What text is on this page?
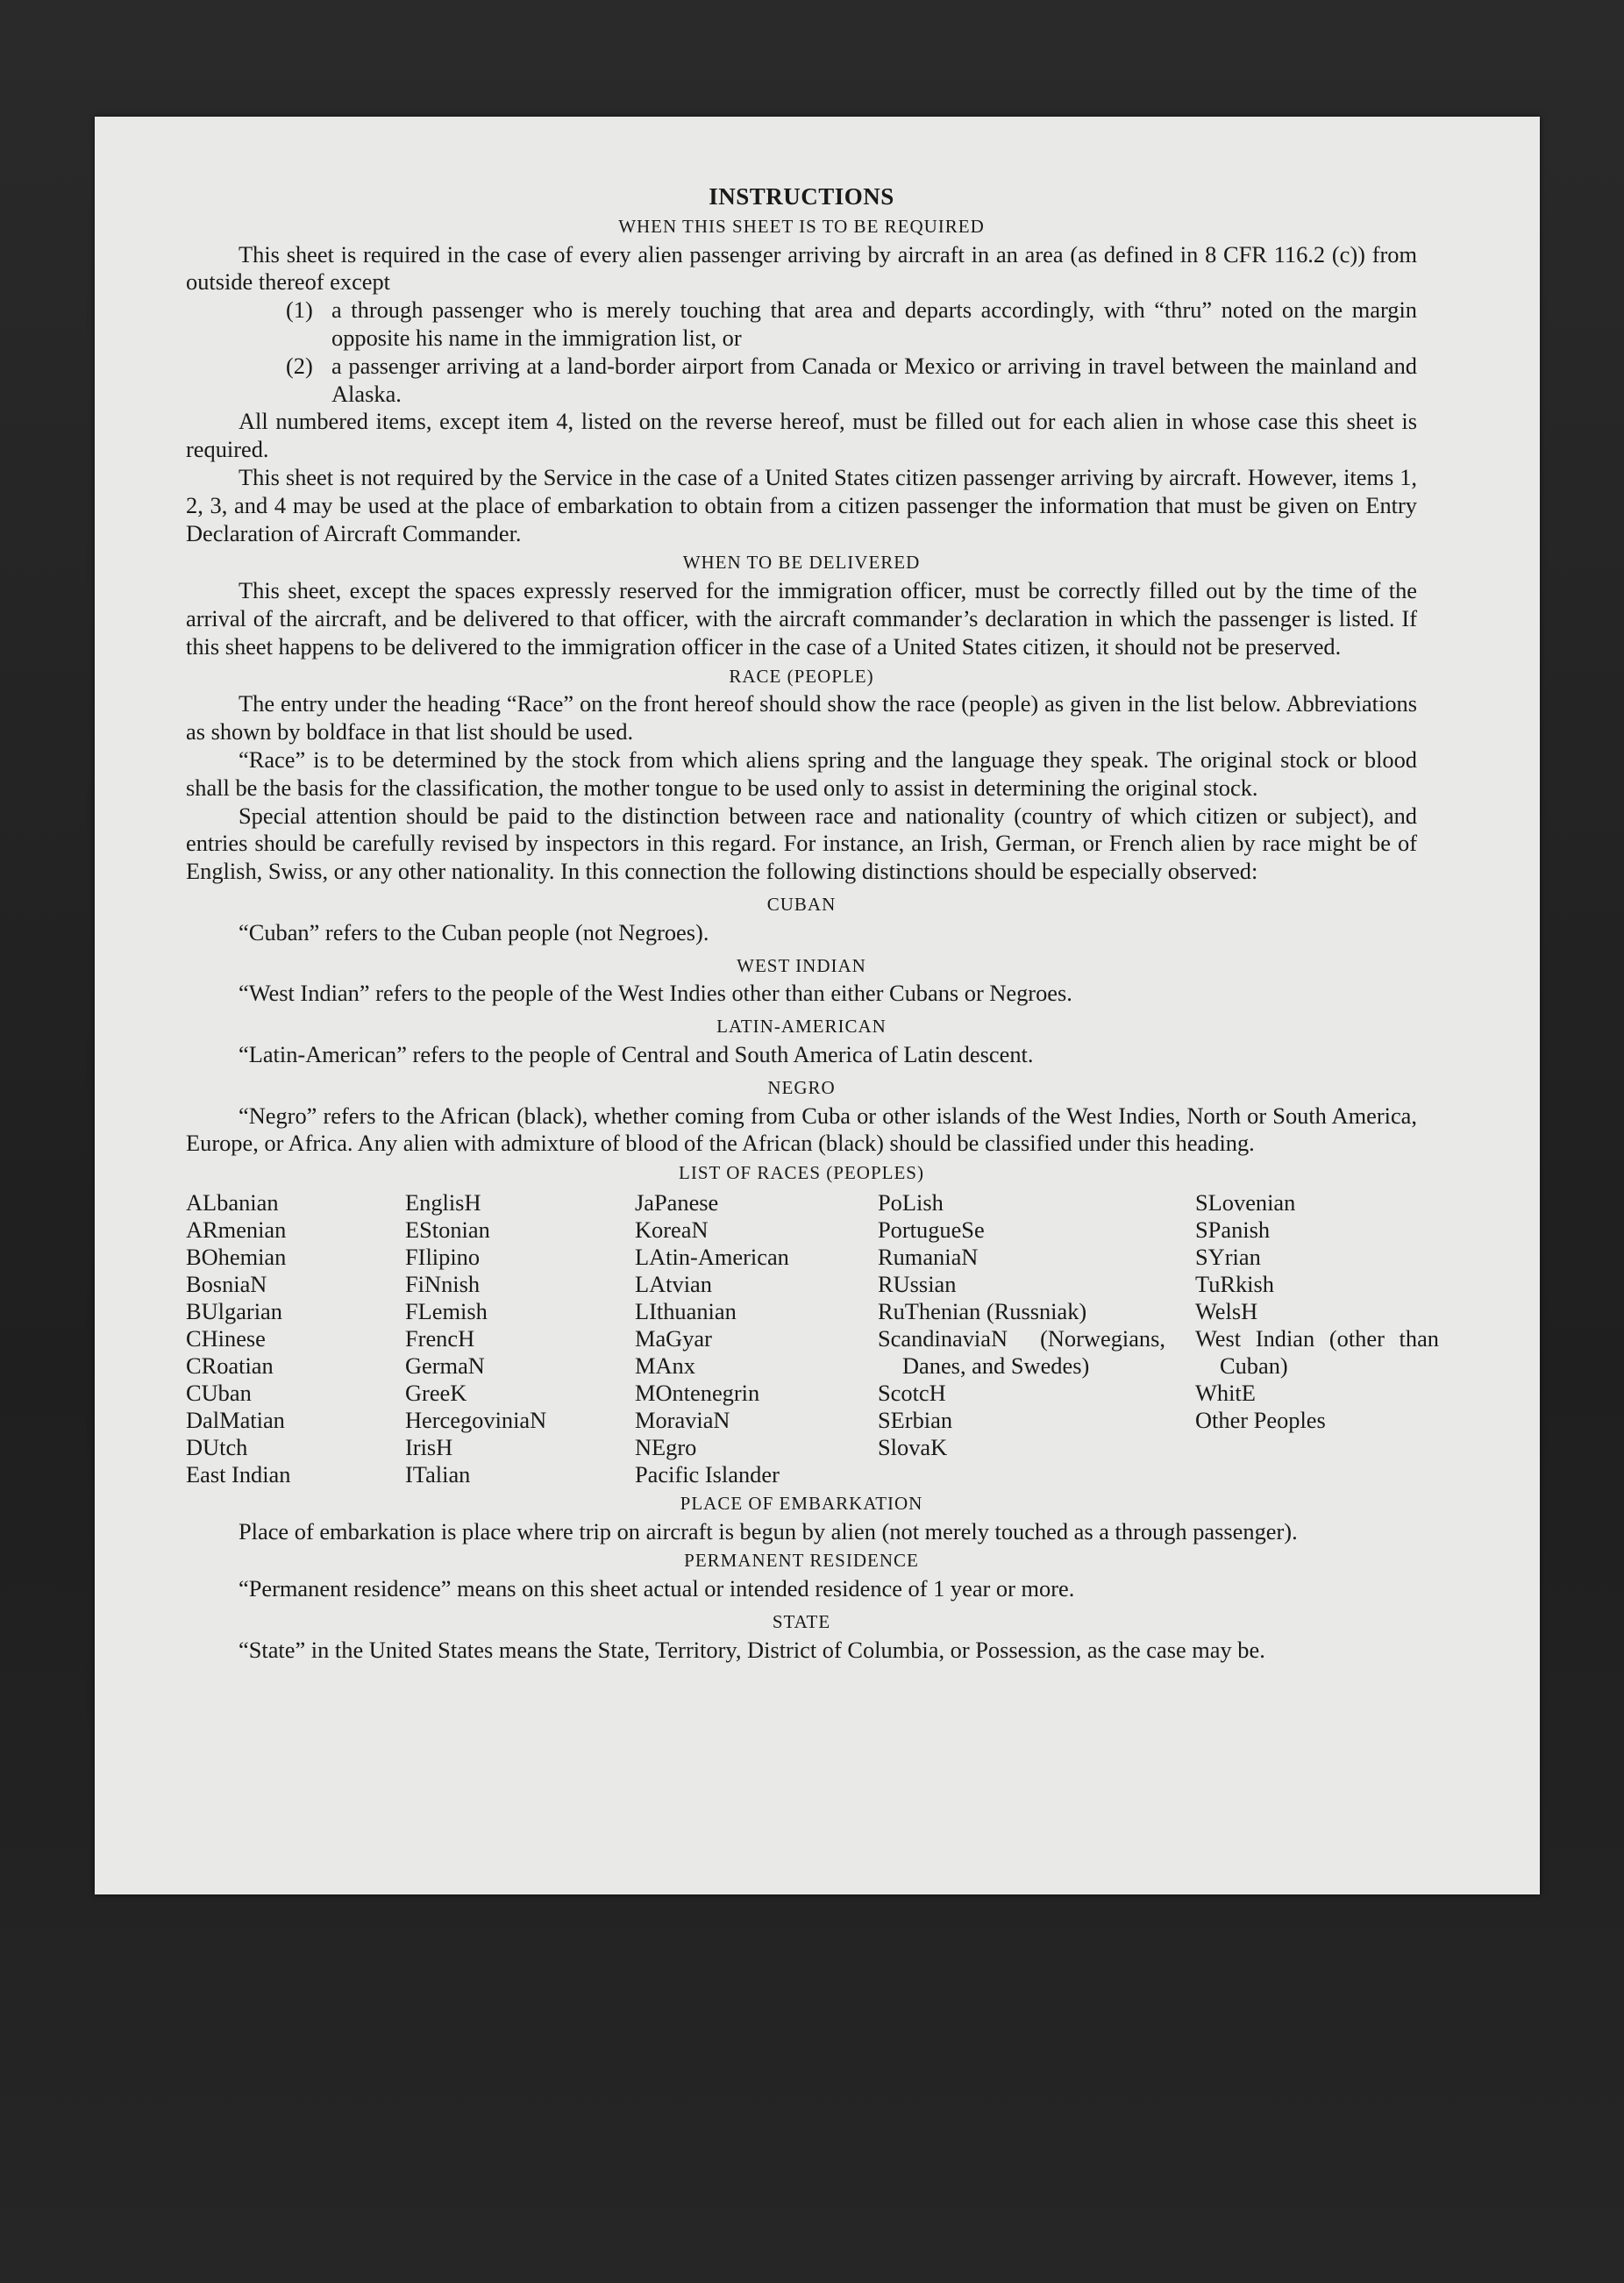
INSTRUCTIONS
WHEN THIS SHEET IS TO BE REQUIRED
This sheet is required in the case of every alien passenger arriving by aircraft in an area (as defined in 8 CFR 116.2 (c)) from outside thereof except
(1) a through passenger who is merely touching that area and departs accordingly, with “thru” noted on the margin opposite his name in the immigration list, or
(2) a passenger arriving at a land-border airport from Canada or Mexico or arriving in travel between the mainland and Alaska.
All numbered items, except item 4, listed on the reverse hereof, must be filled out for each alien in whose case this sheet is required.
This sheet is not required by the Service in the case of a United States citizen passenger arriving by aircraft. However, items 1, 2, 3, and 4 may be used at the place of embarkation to obtain from a citizen passenger the information that must be given on Entry Declaration of Aircraft Commander.
WHEN TO BE DELIVERED
This sheet, except the spaces expressly reserved for the immigration officer, must be correctly filled out by the time of the arrival of the aircraft, and be delivered to that officer, with the aircraft commander’s declaration in which the passenger is listed. If this sheet happens to be delivered to the immigration officer in the case of a United States citizen, it should not be preserved.
RACE (PEOPLE)
The entry under the heading “Race” on the front hereof should show the race (people) as given in the list below. Abbreviations as shown by boldface in that list should be used.
“Race” is to be determined by the stock from which aliens spring and the language they speak. The original stock or blood shall be the basis for the classification, the mother tongue to be used only to assist in determining the original stock.
Special attention should be paid to the distinction between race and nationality (country of which citizen or subject), and entries should be carefully revised by inspectors in this regard. For instance, an Irish, German, or French alien by race might be of English, Swiss, or any other nationality. In this connection the following distinctions should be especially observed:
CUBAN
“Cuban” refers to the Cuban people (not Negroes).
WEST INDIAN
“West Indian” refers to the people of the West Indies other than either Cubans or Negroes.
LATIN-AMERICAN
“Latin-American” refers to the people of Central and South America of Latin descent.
NEGRO
“Negro” refers to the African (black), whether coming from Cuba or other islands of the West Indies, North or South America, Europe, or Africa. Any alien with admixture of blood of the African (black) should be classified under this heading.
LIST OF RACES (PEOPLES)
ALbanian
ARmenian
BOhemian
BosniaN
BUlgarian
CHinese
CRoatian
CUban
DalMatian
DUtch
East Indian
EnglisH
EStonian
FIlipino
FiNnish
FLemish
FrencH
GermaN
GreeK
HercegoviniaN
IrisH
ITalian
JaPanese
KoreaN
LAtin-American
LAtvian
LIthuanian
MaGyar
MAnx
MOntenegrin
MoraviaN
NEgro
Pacific Islander
PoLish
PortugueSe
RumaniaN
RUssian
RuThenian (Russniak)
ScandinaviaN (Norwegians, Danes, and Swedes)
ScotcH
SErbian
SlovaK
SLovenian
SPanish
SYrian
TuRkish
WelsH
West Indian (other than Cuban)
WhitE
Other Peoples
PLACE OF EMBARKATION
Place of embarkation is place where trip on aircraft is begun by alien (not merely touched as a through passenger).
PERMANENT RESIDENCE
“Permanent residence” means on this sheet actual or intended residence of 1 year or more.
STATE
“State” in the United States means the State, Territory, District of Columbia, or Possession, as the case may be.
